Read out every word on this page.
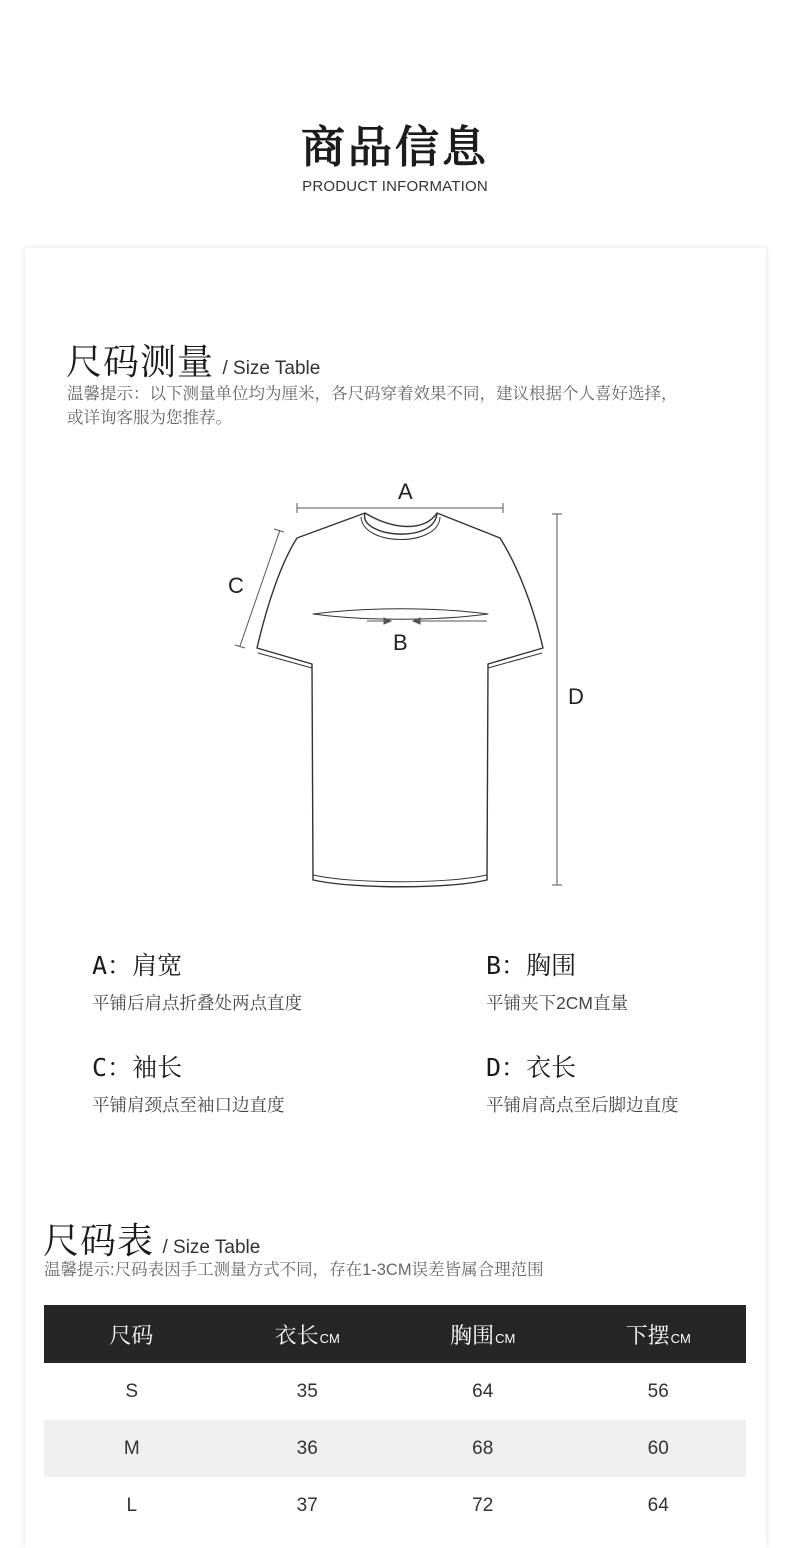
商品信息
PRODUCT INFORMATION
尺码测量 / Size Table
温馨提示：以下测量单位均为厘米，各尺码穿着效果不同，建议根据个人喜好选择，
或详询客服为您推荐。
A
B
C
D
A：肩宽
平铺后肩点折叠处两点直度
B：胸围
平铺夹下2CM直量
C：袖长
平铺肩颈点至袖口边直度
D：衣长
平铺肩高点至后脚边直度
尺码表 / Size Table
温馨提示:尺码表因手工测量方式不同，存在1-3CM误差皆属合理范围
尺码	衣长CM	胸围CM	下摆CM
S	35	64	56
M	36	68	60
L	37	72	64
